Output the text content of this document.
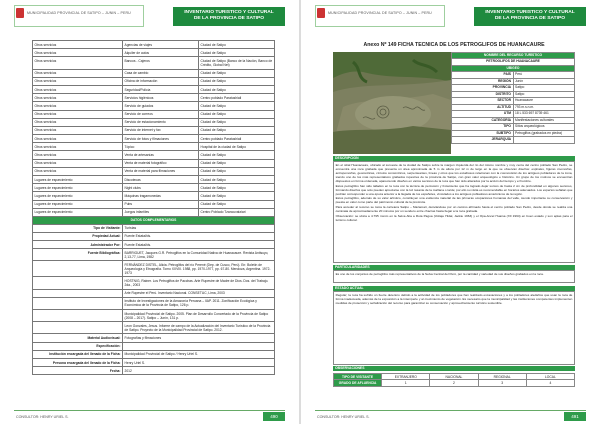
MUNICIPALIDAD PROVINCIAL DE SATIPO – JUNIN – PERU	INVENTARIO TURISTICO Y CULTURAL
DE LA PROVINCIA DE SATIPO
Otros servicios	Agencias de viajes	Ciudad de Satipo
Otros servicios	Alquiler de autos	Ciudad de Satipo
Otros servicios	Bancos - Cajeros	Ciudad de Satipo (Banco de la Nación, Banco de Crédito, Global Net)
Otros servicios	Casa de cambio	Ciudad de Satipo
Otros servicios	Oficina de información	Ciudad de Satipo
Otros servicios	Seguridad/Policía	Ciudad de Satipo
Otros servicios	Servicios higiénicos	Centro poblado Paratushiali
Otros servicios	Servicio de guiados	Ciudad de Satipo
Otros servicios	Servicio de correos	Ciudad de Satipo
Otros servicios	Servicio de estacionamiento	Ciudad de Satipo
Otros servicios	Servicio de internet y fax	Ciudad de Satipo
Otros servicios	Servicio de fotos y filmaciones	Centro poblado Paratushiali
Otros servicios	Tópico	Hospital de la ciudad de Satipo
Otros servicios	Venta de artesanías	Ciudad de Satipo
Otros servicios	Venta de material fotográfico	Ciudad de Satipo
Otros servicios	Venta de material para filmaciones	Ciudad de Satipo
Lugares de esparcimiento	Discotecas	Ciudad de Satipo
Lugares de esparcimiento	Night clubs	Ciudad de Satipo
Lugares de esparcimiento	Máquinas tragamonedas	Ciudad de Satipo
Lugares de esparcimiento	Pubs	Ciudad de Satipo
Lugares de esparcimiento	Juegos infantiles	Centro Poblado Tzancuvatziari
DATOS COMPLEMENTARIOS		
Tipo de Visitante:	Turistas	
Propiedad Actual:	Fuente Estatal/ds.	
Administrador Por:	Fuente Estatal/ds.	
Fuente Bibliográfica:	BARRIGUET, Jacques G.R. Petroglifos en la Comunidad Nativa de Huanacaure. Revista Antisuyo, 2,13-77, Lima, 1982	
	FERNÁNDEZ DISTEL, Alicia. Petroglifos del río Perené (Dep. de Cusco, Perú). En: Boletín de Arqueología y Etnografía. Tomo XXVIII. 1988, pp. 1970-1977, pp. 67-80. Mendoza, Argentina. 1972-1973	
	HOSTNIG, Rainer. Los Petroglifos de Pacchas. Arte Rupestre de Madre de Dios. Dos. del Trabajo. 2da., 2003	
	Arte Rupestre el Perú. Inventario Nacional. CONSETUC, Lima, 2003	
	Instituto de Investigaciones de la Amazonía Peruana – IIAP. 2011. Zonificación Ecológica y Económica de la Provincia de Satipo, 126 p.	
	Municipalidad Provincial de Satipo. 2005. Plan de Desarrollo Concertado de la Provincia de Satipo (2008 – 2017). Satipo – Junín, 131 p.	
	Leon Gonzales, Jesus. Informe de campo de la Actualización del Inventario Turístico de la Provincia de Satipo. Proyecto de la Municipalidad Provincial de Satipo. 2012.	
Material Audiovisual:	Fotografías y filmaciones	
Especificación:		
Institución encargada del llenado de la Ficha:	Municipalidad Provincial de Satipo / Henry Uriel S.	
Persona encargada del llenado de la Ficha:	Henry Uriel S.	
Fecha:	2012	
CONSULTOR: HENRY URIEL S.	490
MUNICIPALIDAD PROVINCIAL DE SATIPO – JUNIN – PERU	INVENTARIO TURISTICO Y CULTURAL
DE LA PROVINCIA DE SATIPO
Anexo Nº 149 FICHA TECNICA DE LOS PETROGLIFOS DE HUANACAURE
NOMBRE DEL RECURSO TURÍSTICO	
PETROGLIFOS DE HUANACAURE	
UBIGEO	
PAÍS	Perú
REGIÓN	Junín
PROVINCIA	Satipo
DISTRITO	Satipo
SECTOR	Huanacaure
ALTITUD	793 m.s.n.m.
UTM	18 L 533 697 8739 461
CATEGORÍA	Manifestaciones culturales
TIPO	Sitios arqueológicos
SUBTIPO	Petroglifos (grabados en piedra)
JERARQUÍA	
DESCRIPCION

En el sitial Huanacaure, ubicado al suroeste de la ciudad de Satipo sobre la margen izquierda del río del mismo nombre y muy cerca del centro poblado San Pedro, se encuentra una roca grabada que presenta un área aproximada de 5 m de altura por 12 m de largo en la que se observan diseños: espirales, figuras zoomorfas, antropomorfas, geométricas, círculos concéntricos, serpenteantes, líneas y otros que los estudiosos relacionan con la cosmovisión de los antiguos pobladores de la zona, siendo uno de los más representativos grabados rupestres de la provincia de Satipo, con gran valor arqueológico e histórico. Un grupo de los motivos se encuentran dispuestos en forma ordenada, apareciendo diseños en varios sectores de la roca que han sido alterados por la acción del tiempo y el hombre.

Estos petroglifos han sido tallados en la roca con la técnica de percusión y frotamiento que ha logrado dejar surcos de hasta 2 cm de profundidad en algunos sectores, formando diseños que solo pueden apreciarse con la luz rasante de la mañana o tarde; por ello su visita es recomendable en horarios adecuados. Los expertos señalan que podrían corresponder a una época anterior a la llegada de los españoles, vinculados a los antiguos pobladores amazónicos de la región.

Estos petroglifos, además de su valor artístico, constituyen una evidencia material de las primeras ocupaciones humanas del valle, siendo importante su conservación y puesta en valor como parte del patrimonio cultural de la provincia.

Para acceder al recurso se toma la carretera Satipo – Mazamari, desviándose por un camino afirmado hasta el centro poblado San Pedro, desde donde se realiza una caminata de aproximadamente 20 minutos por un sendero entre chacras hasta llegar a la roca grabada.

Observación: se ubica a 4.795 msnm en la Selva Alta a Ruta Pagua (Voltaje Hidal, Jackie 1963) y el Opa-Ancel Huarsa (XII 1994) en buen estado y son aptas para el turismo cultural.

PARTICULARIDADES

Es uno de los conjuntos de petroglifos más representativos de la Selva Central del Perú, por la cantidad y variedad de sus diseños grabados en la roca.

ESTADO ACTUAL

Regular; la roca ha sufrido un fuerte deterioro debido a la actividad de los pobladores que han realizado excavaciones y a los pobladores aledaños que usan la roca de forma inadecuada, además de la exposición a la intemperie y al crecimiento de vegetación. Es necesario que la municipalidad y las instituciones competentes implementen medidas de protección y señalización del recurso para garantizar su conservación y aprovechamiento turístico sostenible.

OBSERVACIONES
TIPO DE VISITANTE	EXTRANJERO	NACIONAL	REGIONAL	LOCAL
GRADO DE AFLUENCIA	1	2	3	4
CONSULTOR: HENRY URIEL S.	491
